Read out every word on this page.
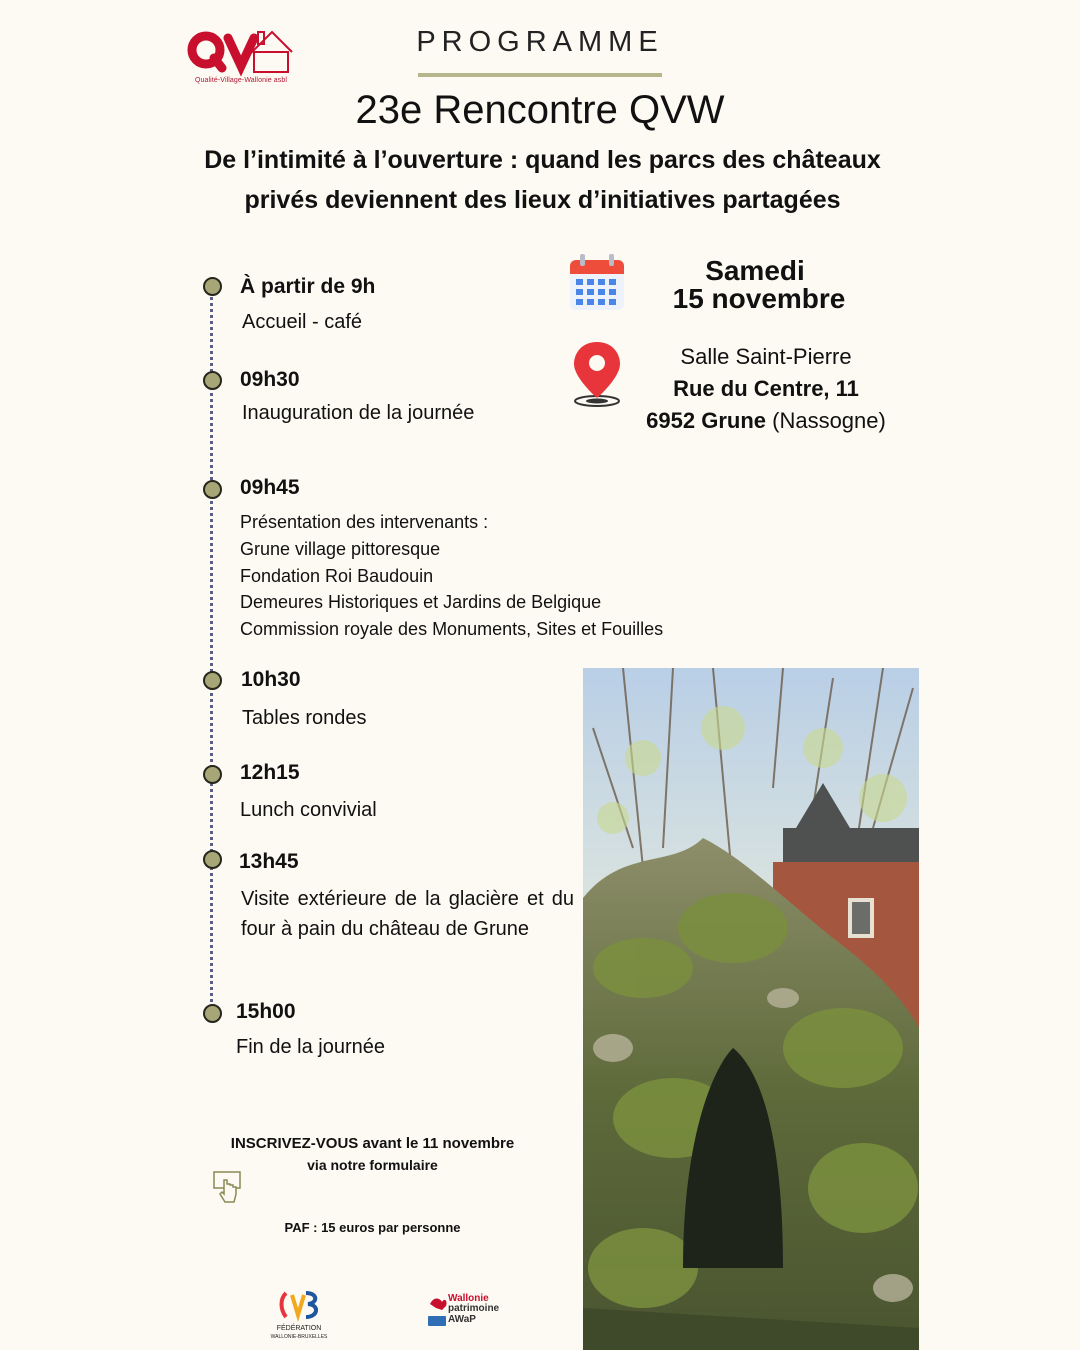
Qualité-Village-Wallonie asbl
PROGRAMME
23e Rencontre QVW
De l’intimité à l’ouverture : quand les parcs des châteaux
privés deviennent des lieux d’initiatives partagées
À partir de 9h
Accueil - café
09h30
Inauguration de la journée
09h45
Présentation des intervenants :
Grune village pittoresque
Fondation Roi Baudouin
Demeures Historiques et Jardins de Belgique
Commission royale des Monuments, Sites et Fouilles
10h30
Tables rondes
12h15
Lunch convivial
13h45
Visite extérieure de la glacière et du four à pain du château de Grune
15h00
Fin de la journée
Samedi
15 novembre
Salle Saint-Pierre
Rue du Centre, 11
6952 Grune (Nassogne)
INSCRIVEZ-VOUS avant le 11 novembre
via notre formulaire
PAF : 15 euros par personne
FÉDÉRATION
WALLONIE-BRUXELLES
Wallonie
patrimoine
AWaP
